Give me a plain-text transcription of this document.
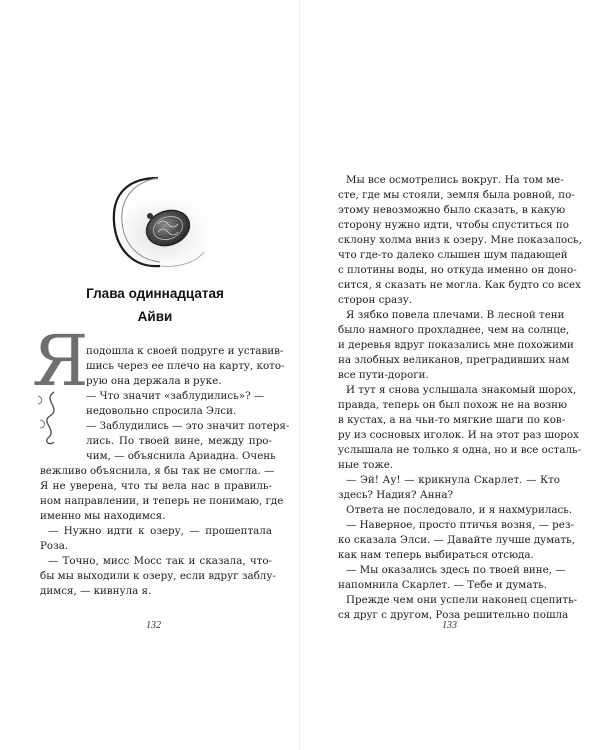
Глава одиннадцатая
Айви
Я
подошла к своей подруге и уставив-
шись через ее плечо на карту, кото-
рую она держала в руке.
— Что значит «заблудились»? —
недовольно спросила Элси.
— Заблудились — это значит потеря-
лись. По твоей вине, между про-
чим, — объяснила Ариадна. Очень
вежливо объяснила, я бы так не смогла. —
Я не уверена, что ты вела нас в правиль-
ном направлении, и теперь не понимаю, где
именно мы находимся.
— Нужно идти к озеру, — прошептала
Роза.
— Точно, мисс Мосс так и сказала, что-
бы мы выходили к озеру, если вдруг заблу-
димся, — кивнула я.
132
Мы все осмотрелись вокруг. На том ме-
сте, где мы стояли, земля была ровной, по-
этому невозможно было сказать, в какую
сторону нужно идти, чтобы спуститься по
склону холма вниз к озеру. Мне показалось,
что где-то далеко слышен шум падающей
с плотины воды, но откуда именно он доно-
сится, я сказать не могла. Как будто со всех
сторон сразу.
Я зябко повела плечами. В лесной тени
было намного прохладнее, чем на солнце,
и деревья вдруг показались мне похожими
на злобных великанов, преградивших нам
все пути-дороги.
И тут я снова услышала знакомый шорох,
правда, теперь он был похож не на возню
в кустах, а на чьи-то мягкие шаги по ков-
ру из сосновых иголок. И на этот раз шорох
услышала не только я одна, но и все осталь-
ные тоже.
— Эй! Ау! — крикнула Скарлет. — Кто
здесь? Надия? Анна?
Ответа не последовало, и я нахмурилась.
— Наверное, просто птичья возня, — рез-
ко сказала Элси. — Давайте лучше думать,
как нам теперь выбираться отсюда.
— Мы оказались здесь по твоей вине, —
напомнила Скарлет. — Тебе и думать.
Прежде чем они успели наконец сцепить-
ся друг с другом, Роза решительно пошла
133
